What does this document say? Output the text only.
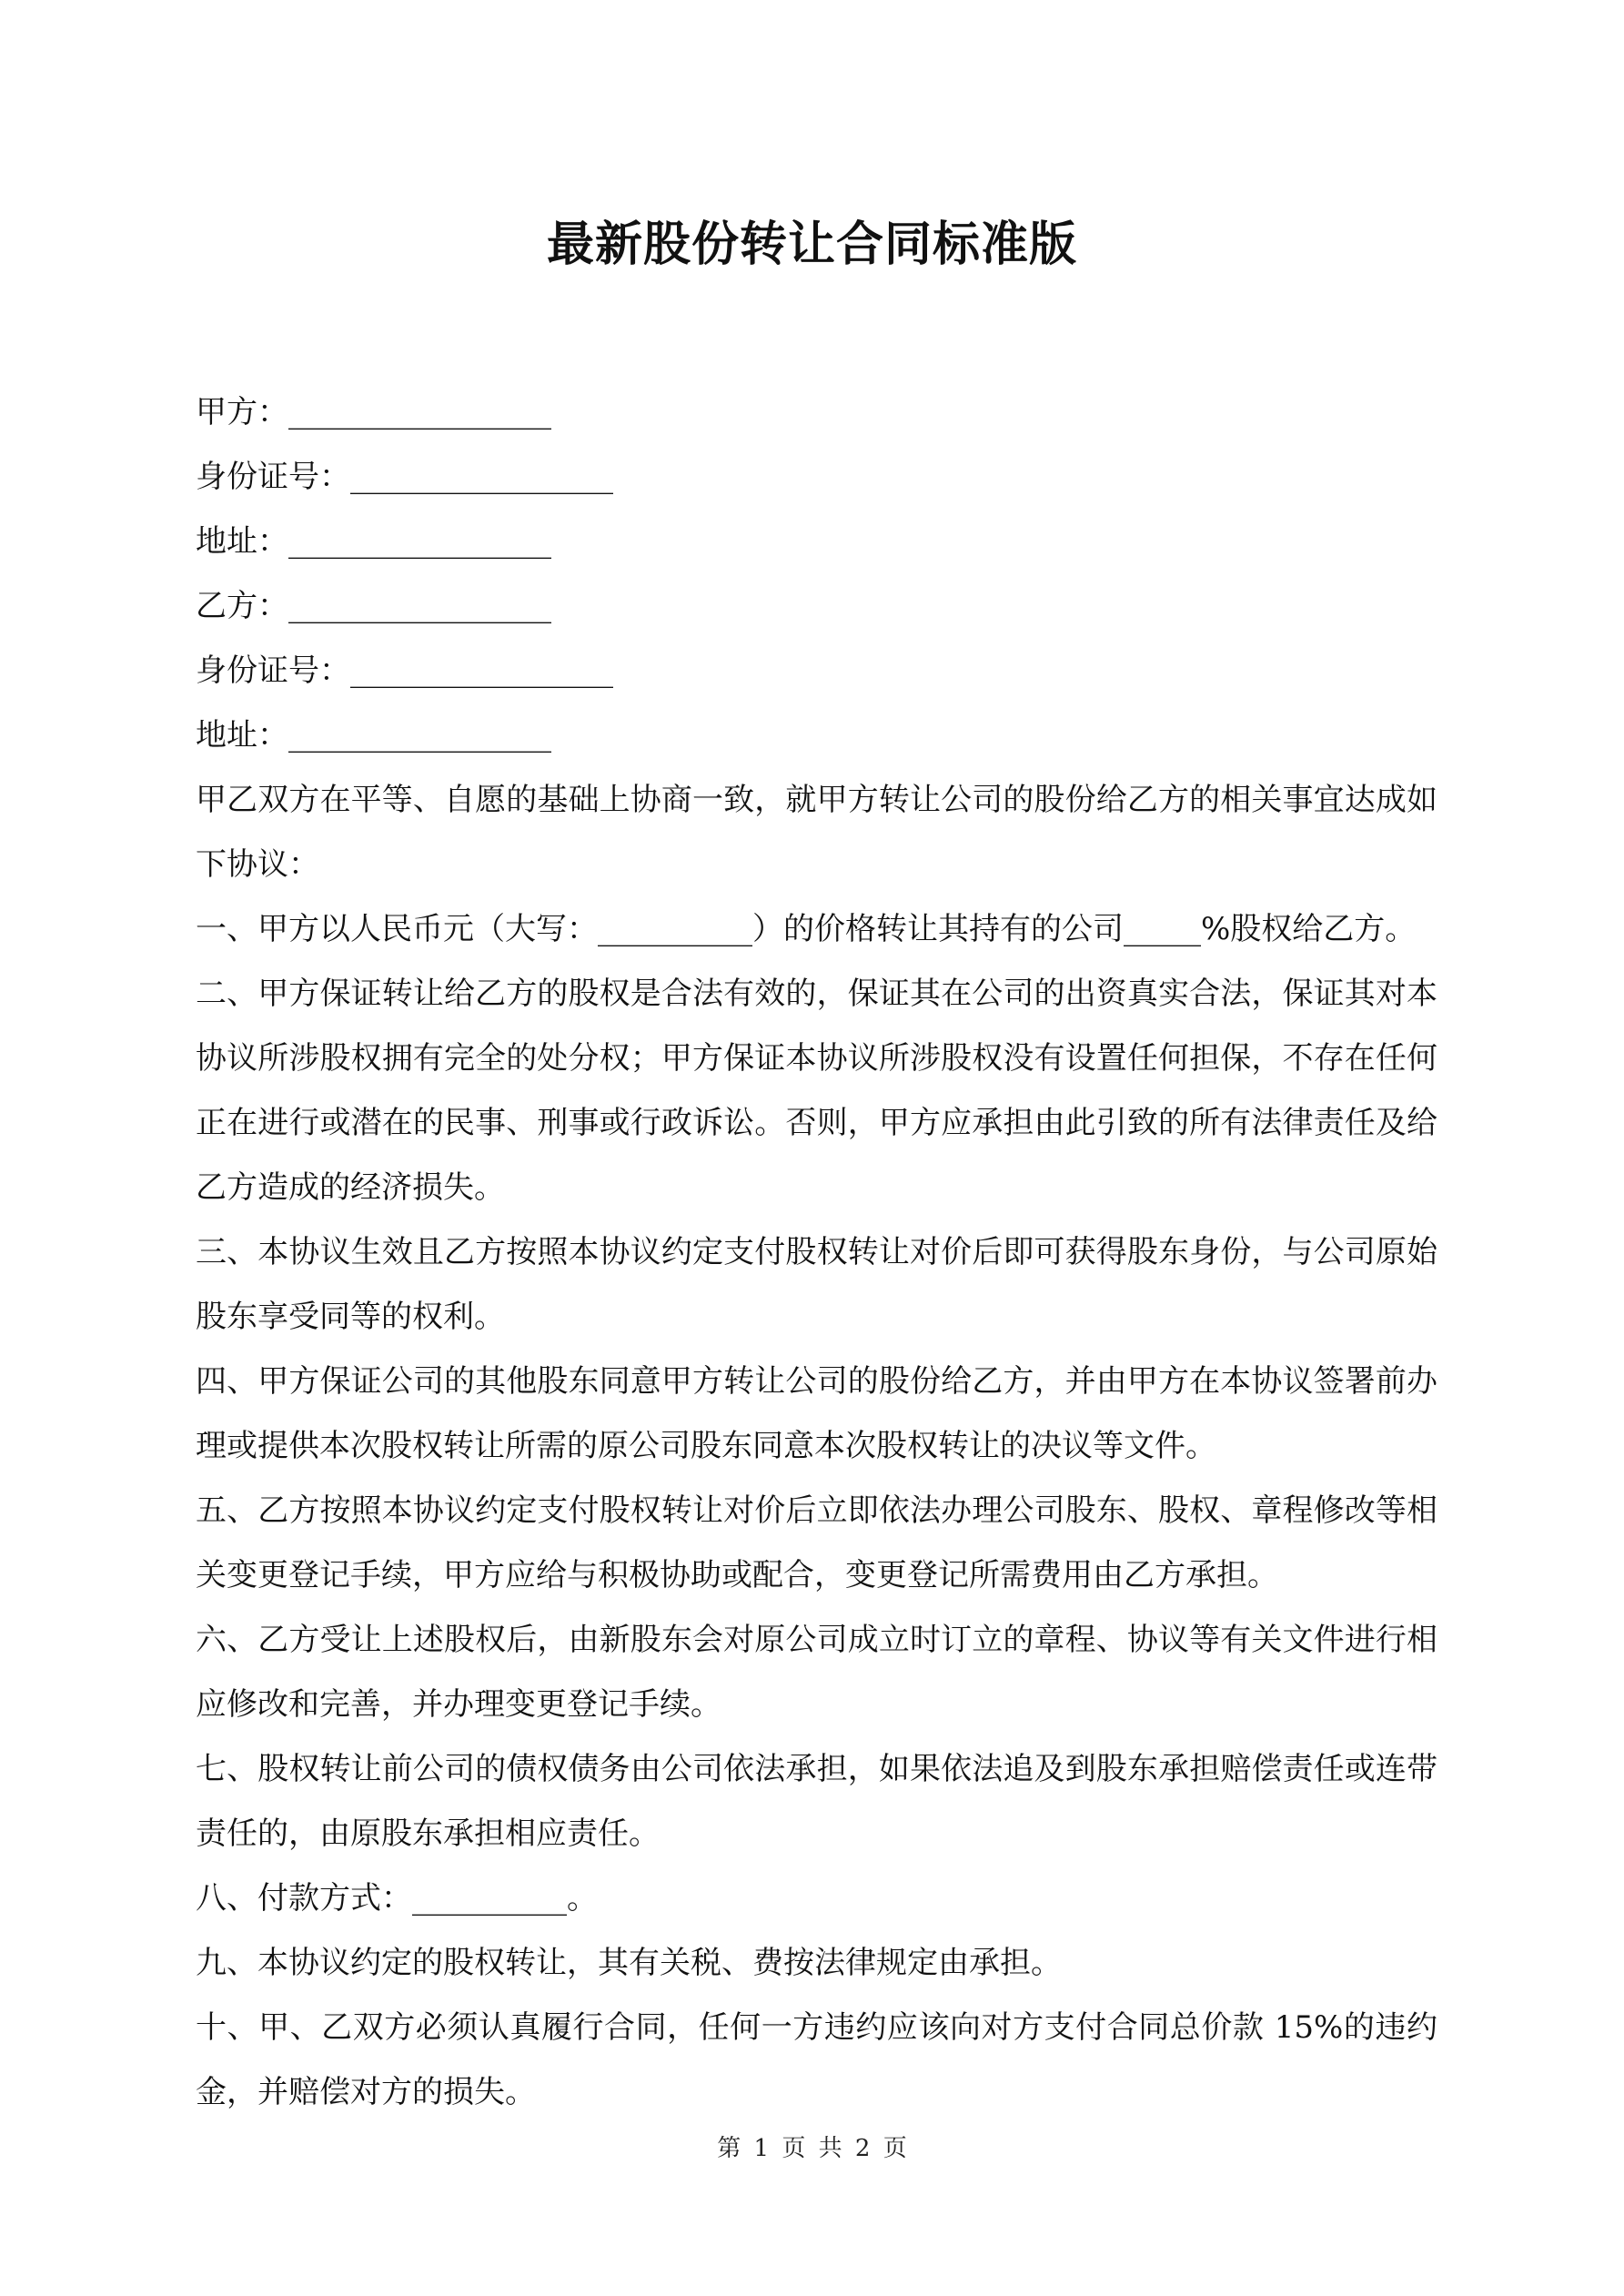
最新股份转让合同标准版
甲方：_________________
身份证号：_________________
地址：_________________
乙方：_________________
身份证号：_________________
地址：_________________

甲乙双方在平等、自愿的基础上协商一致，就甲方转让公司的股份给乙方的相关事宜达成如下协议：

一、甲方以人民币元（大写：__________）的价格转让其持有的公司_____%股权给乙方。

二、甲方保证转让给乙方的股权是合法有效的，保证其在公司的出资真实合法，保证其对本协议所涉股权拥有完全的处分权；甲方保证本协议所涉股权没有设置任何担保，不存在任何正在进行或潜在的民事、刑事或行政诉讼。否则，甲方应承担由此引致的所有法律责任及给乙方造成的经济损失。

三、本协议生效且乙方按照本协议约定支付股权转让对价后即可获得股东身份，与公司原始股东享受同等的权利。

四、甲方保证公司的其他股东同意甲方转让公司的股份给乙方，并由甲方在本协议签署前办理或提供本次股权转让所需的原公司股东同意本次股权转让的决议等文件。

五、乙方按照本协议约定支付股权转让对价后立即依法办理公司股东、股权、章程修改等相关变更登记手续，甲方应给与积极协助或配合，变更登记所需费用由乙方承担。

六、乙方受让上述股权后，由新股东会对原公司成立时订立的章程、协议等有关文件进行相应修改和完善，并办理变更登记手续。

七、股权转让前公司的债权债务由公司依法承担，如果依法追及到股东承担赔偿责任或连带责任的，由原股东承担相应责任。

八、付款方式：__________。

九、本协议约定的股权转让，其有关税、费按法律规定由承担。

十、甲、乙双方必须认真履行合同，任何一方违约应该向对方支付合同总价款 15%的违约金，并赔偿对方的损失。

第 1 页 共 2 页
